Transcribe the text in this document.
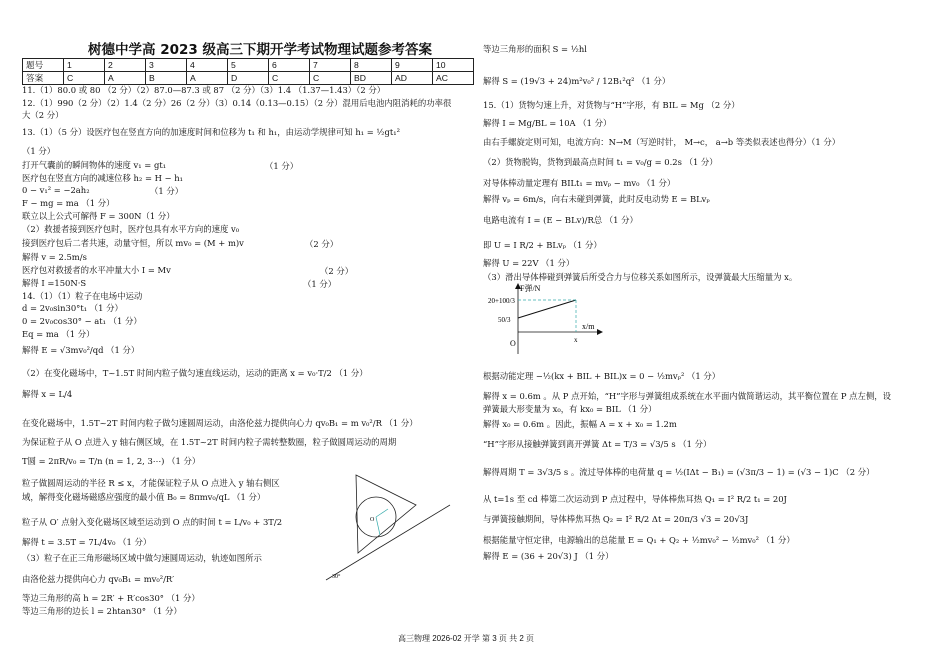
树德中学高 2023 级高三下期开学考试物理试题参考答案
题号	1	2	3	4	5	6	7	8	9	10
答案	C	A	B	A	D	C	C	BD	AD	AC
11.（1）80.0 或 80 （2 分）（2）87.0—87.3 或 87 （2 分）（3）1.4 （1.37—1.43）（2 分）
12.（1）990（2 分）（2）1.4（2 分）26（2 分）（3）0.14（0.13—0.15）（2 分）混用后电池内阻消耗的功率很
大（2 分）
13.（1）（5 分）设医疗包在竖直方向的加速度时间和位移为 t₁ 和 h₁，由运动学规律可知 h₁ = ½gt₁²
（1 分）
打开气囊前的瞬间物体的速度 v₁ = gt₁	（1 分）
医疗包在竖直方向的减速位移 h₂ = H − h₁
0 − v₁² = −2ah₂	（1 分）
F − mg = ma （1 分）
联立以上公式可解得 F = 300N（1 分）
（2）救援者接到医疗包时，医疗包具有水平方向的速度 v₀
接到医疗包后二者共速，动量守恒，所以 mv₀ = (M + m)v	（2 分）
解得 v = 2.5m/s
医疗包对救援者的水平冲量大小 I = Mv	（2 分）
解得 I =150N·S	（1 分）
14.（1）（1）粒子在电场中运动
d = 2v₀sin30°t₁ （1 分）
0 = 2v₀cos30° − at₁ （1 分）
Eq = ma （1 分）
解得 E = √3mv₀²/qd （1 分）
（2）在变化磁场中，T~1.5T 时间内粒子做匀速直线运动，运动的距离 x = v₀·T/2 （1 分）
解得 x = L/4
在变化磁场中，1.5T~2T 时间内粒子做匀速圆周运动，由洛伦兹力提供向心力 qv₀B₁ = m v₀²/R （1 分）
为保证粒子从 O 点进入 y 轴右侧区域，在 1.5T~2T 时间内粒子需转整数圈，粒子做圆周运动的周期
T圆 = 2πR/v₀ = T/n (n = 1, 2, 3⋯) （1 分）
粒子做圆周运动的半径 R ≤ x，才能保证粒子从 O 点进入 y 轴右侧区
域，解得变化磁场磁感应强度的最小值 B₀ = 8πmv₀/qL （1 分）
粒子从 O′ 点射入变化磁场区域至运动到 O 点的时间 t = L/v₀ + 3T/2
解得 t = 3.5T = 7L/4v₀ （1 分）
（3）粒子在正三角形磁场区域中做匀速圆周运动，轨迹如图所示
由洛伦兹力提供向心力 qv₀B₁ = mv₀²/R′
等边三角形的高 h = 2R′ + R′cos30° （1 分）
等边三角形的边长 l = 2htan30° （1 分）
O
30°
等边三角形的面积 S = ½hl
解得 S = (19√3 + 24)m²v₀² / 12B₁²q² （1 分）
15.（1）货物匀速上升，对货物与“H”字形，有 BIL = Mg （2 分）
解得 I = Mg/BL = 10A （1 分）
由右手螺旋定则可知，电流方向：N→M（写逆时针， M→c， a→b 等类似表述也得分）（1 分）
（2）货物脱钩，货物到最高点时间 t₁ = v₀/g = 0.2s （1 分）
对导体棒动量定理有 BILt₁ = mvₚ − mv₀ （1 分）
解得 vₚ = 6m/s，向右未碰到弹簧，此时反电动势 E = BLvₚ
电路电流有 I = (E − BLv)/R总 （1 分）
即 U = I R/2 + BLvₚ （1 分）
解得 U = 22V （1 分）
（3）滑出导体棒碰到弹簧后所受合力与位移关系如图所示，设弹簧最大压缩量为 x。
F弹/N
x/m
O
20+100/3
50/3
x
根据动能定理 −½(kx + BIL + BIL)x = 0 − ½mvₚ² （1 分）
解得 x = 0.6m 。从 P 点开始，“H”字形与弹簧组成系统在水平面内做简谐运动，其平衡位置在 P 点左侧，设
弹簧最大形变量为 x₀，有 kx₀ = BIL （1 分）
解得 x₀ = 0.6m 。因此，振幅 A = x + x₀ = 1.2m
“H”字形从接触弹簧到离开弹簧 Δt = T/3 = √3/5 s （1 分）
解得周期 T = 3√3/5 s 。流过导体棒的电荷量 q = ½(IΔt − B₁) = (√3π/3 − 1) = (√3 − 1)C （2 分）
从 t=1s 至 cd 棒第二次运动到 P 点过程中，导体棒焦耳热 Q₁ = I² R/2 t₁ = 20J
与弹簧接触期间，导体棒焦耳热 Q₂ = I² R/2 Δt = 20π/3 √3 = 20√3J
根据能量守恒定律，电源输出的总能量 E = Q₁ + Q₂ + ½mv₀² − ½mv₀² （1 分）
解得 E = (36 + 20√3) J （1 分）
高三物理 2026-02 开学 第 3 页 共 2 页
